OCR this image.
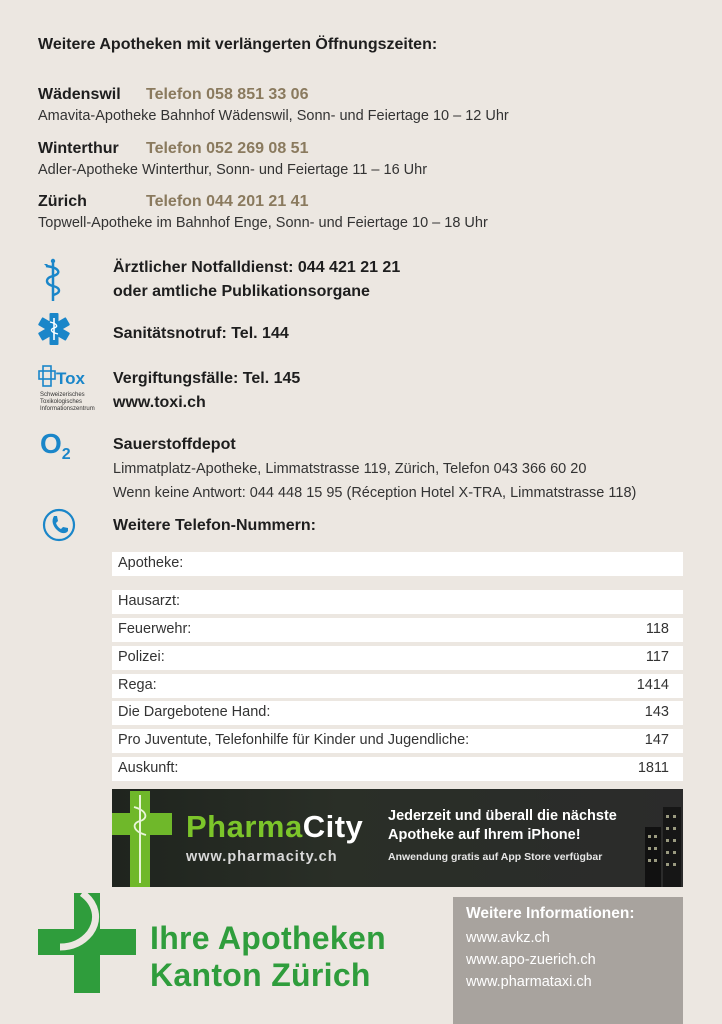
Weitere Apotheken mit verlängerten Öffnungszeiten:
Wädenswil Telefon 058 851 33 06
Amavita-Apotheke Bahnhof Wädenswil, Sonn- und Feiertage 10 – 12 Uhr
Winterthur Telefon 052 269 08 51
Adler-Apotheke Winterthur, Sonn- und Feiertage 11 – 16 Uhr
Zürich	Telefon 044 201 21 41
Topwell-Apotheke im Bahnhof Enge, Sonn- und Feiertage 10 – 18 Uhr
Ärztlicher Notfalldienst: 044 421 21 21
oder amtliche Publikationsorgane
Sanitätsnotruf: Tel. 144
Tox
Schweizerisches
Toxikologisches
Informationszentrum
Vergiftungsfälle: Tel. 145
www.toxi.ch
O2
Sauerstoffdepot
Limmatplatz-Apotheke, Limmatstrasse 119, Zürich, Telefon 043 366 60 20
Wenn keine Antwort: 044 448 15 95 (Réception Hotel X-TRA, Limmatstrasse 118)
Weitere Telefon-Nummern:
Apotheke:
Hausarzt:
Feuerwehr:	118
Polizei:	117
Rega:	1414
Die Dargebotene Hand:	143
Pro Juventute, Telefonhilfe für Kinder und Jugendliche:	147
Auskunft:	1811
PharmaCity
www.pharmacity.ch
Jederzeit und überall die nächste
Apotheke auf Ihrem iPhone!
Anwendung gratis auf App Store verfügbar
Ihre Apotheken
Kanton Zürich
Weitere Informationen:
www.avkz.ch
www.apo-zuerich.ch
www.pharmataxi.ch
